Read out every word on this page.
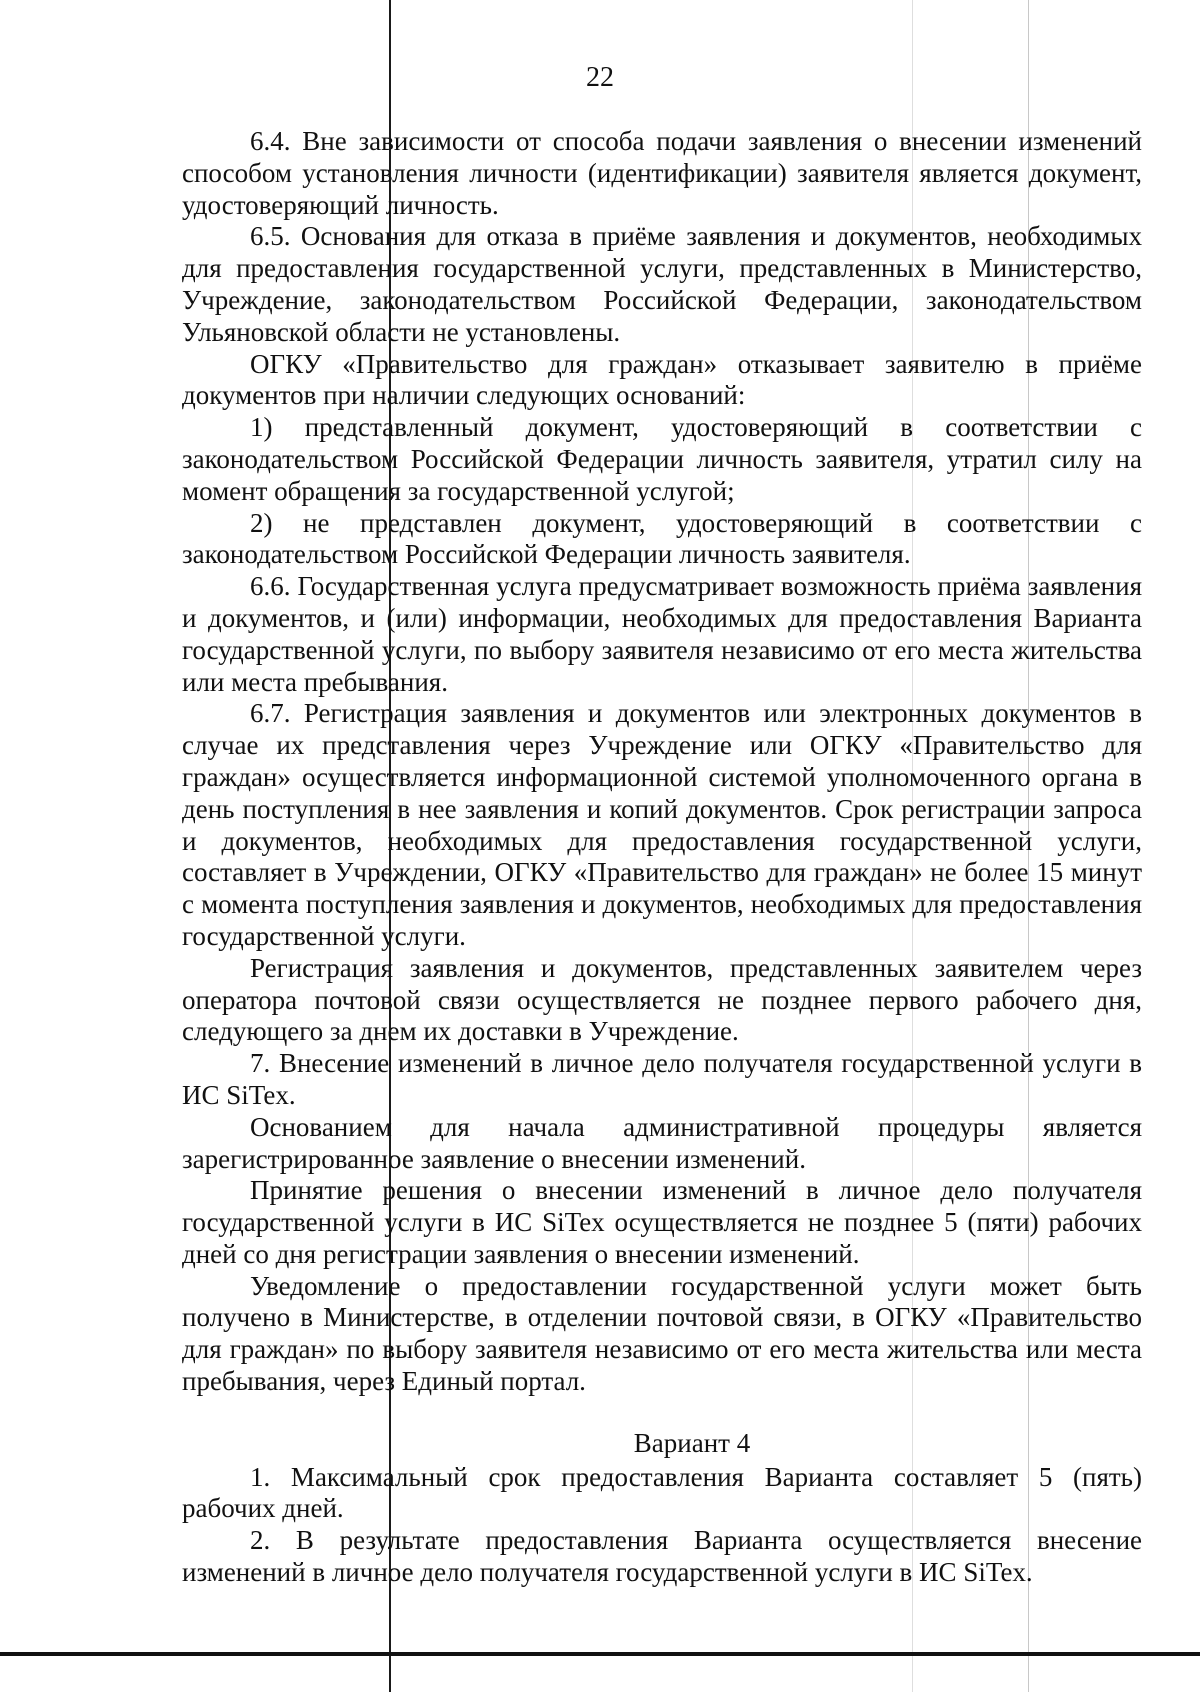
22

6.4. Вне зависимости от способа подачи заявления о внесении изменений способом установления личности (идентификации) заявителя является документ, удостоверяющий личность.

6.5. Основания для отказа в приёме заявления и документов, необходимых для предоставления государственной услуги, представленных в Министерство, Учреждение, законодательством Российской Федерации, законодательством Ульяновской области не установлены.

ОГКУ «Правительство для граждан» отказывает заявителю в приёме документов при наличии следующих оснований:

1) представленный документ, удостоверяющий в соответствии с законодательством Российской Федерации личность заявителя, утратил силу на момент обращения за государственной услугой;

2) не представлен документ, удостоверяющий в соответствии с законодательством Российской Федерации личность заявителя.

6.6. Государственная услуга предусматривает возможность приёма заявления и документов, и (или) информации, необходимых для предоставления Варианта государственной услуги, по выбору заявителя независимо от его места жительства или места пребывания.

6.7. Регистрация заявления и документов или электронных документов в случае их представления через Учреждение или ОГКУ «Правительство для граждан» осуществляется информационной системой уполномоченного органа в день поступления в нее заявления и копий документов. Срок регистрации запроса и документов, необходимых для предоставления государственной услуги, составляет в Учреждении, ОГКУ «Правительство для граждан» не более 15 минут с момента поступления заявления и документов, необходимых для предоставления государственной услуги.

Регистрация заявления и документов, представленных заявителем через оператора почтовой связи осуществляется не позднее первого рабочего дня, следующего за днем их доставки в Учреждение.

7. Внесение изменений в личное дело получателя государственной услуги в ИС SiTex.

Основанием для начала административной процедуры является зарегистрированное заявление о внесении изменений.

Принятие решения о внесении изменений в личное дело получателя государственной услуги в ИС SiTex осуществляется не позднее 5 (пяти) рабочих дней со дня регистрации заявления о внесении изменений.

Уведомление о предоставлении государственной услуги может быть получено в Министерстве, в отделении почтовой связи, в ОГКУ «Правительство для граждан» по выбору заявителя независимо от его места жительства или места пребывания, через Единый портал.

Вариант 4

1. Максимальный срок предоставления Варианта составляет 5 (пять) рабочих дней.

2. В результате предоставления Варианта осуществляется внесение изменений в личное дело получателя государственной услуги в ИС SiTex.
